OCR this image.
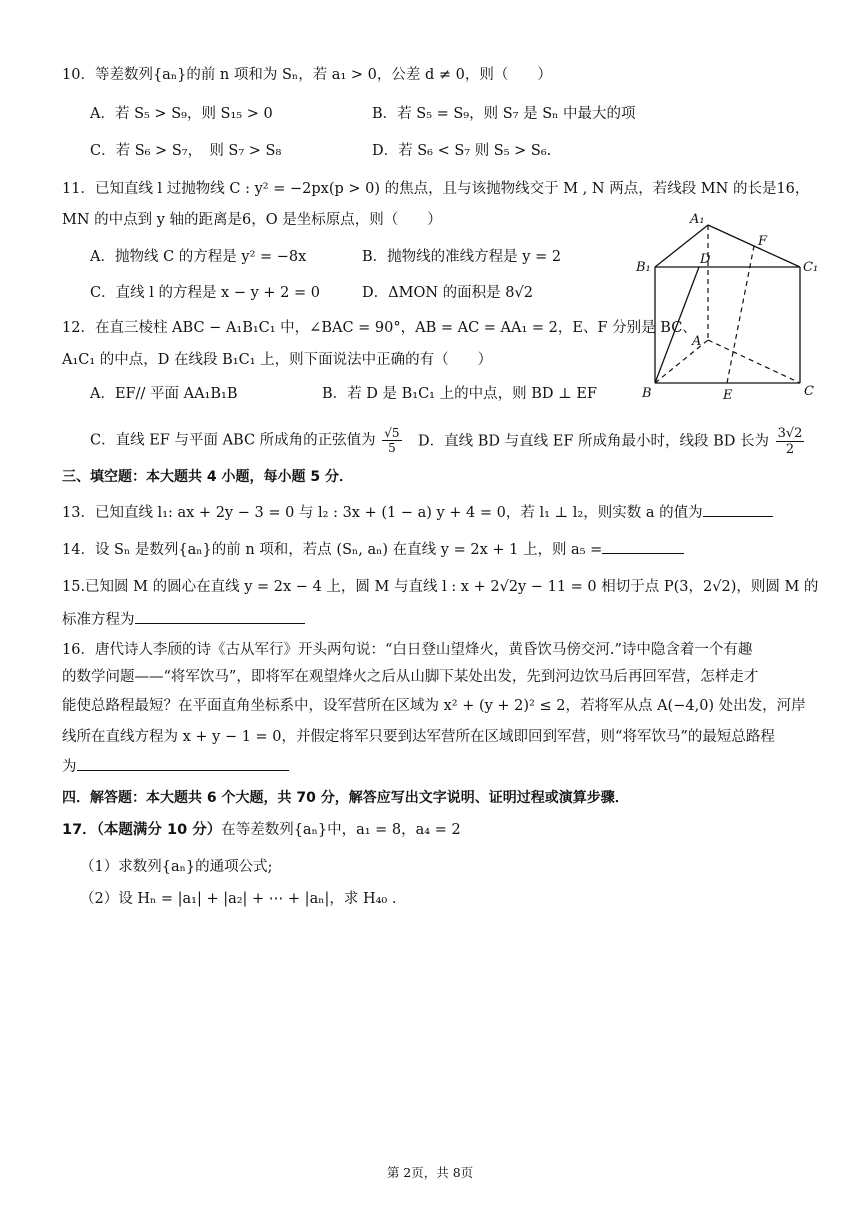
10．等差数列{aₙ}的前 n 项和为 Sₙ，若 a₁ > 0，公差 d ≠ 0，则（　　）
A．若 S₅ > S₉，则 S₁₅ > 0	B．若 S₅ = S₉，则 S₇ 是 Sₙ 中最大的项
C．若 S₆ > S₇，　则 S₇ > S₈	D．若 S₆ < S₇ 则 S₅ > S₆.
11．已知直线 l 过抛物线 C : y² = −2px(p > 0) 的焦点，且与该抛物线交于 M , N 两点，若线段 MN 的长是16，
MN 的中点到 y 轴的距离是6，O 是坐标原点，则（　　）
A．抛物线 C 的方程是 y² = −8x	B．抛物线的准线方程是 y = 2
C．直线 l 的方程是 x − y + 2 = 0	D．ΔMON 的面积是 8√2
12．在直三棱柱 ABC − A₁B₁C₁ 中，∠BAC = 90°，AB = AC = AA₁ = 2，E、F 分别是 BC、
A₁C₁ 的中点，D 在线段 B₁C₁ 上，则下面说法中正确的有（　　）
A．EF// 平面 AA₁B₁B	B．若 D 是 B₁C₁ 上的中点，则 BD ⊥ EF
C．直线 EF 与平面 ABC 所成角的正弦值为 $\frac{√5}{5}$ D．直线 BD 与直线 EF 所成角最小时，线段 BD 长为 $\frac{3√2}{2}$
A₁
F
B₁
D
C₁
A
B	E	C
三、填空题：本大题共 4 小题，每小题 5 分．
13．已知直线 l₁: ax + 2y − 3 = 0 与 l₂ : 3x + (1 − a) y + 4 = 0，若 l₁ ⊥ l₂，则实数 a 的值为
14．设 Sₙ 是数列{aₙ}的前 n 项和，若点 (Sₙ, aₙ) 在直线 y = 2x + 1 上，则 a₅ =
15.已知圆 M 的圆心在直线 y = 2x − 4 上，圆 M 与直线 l : x + 2√2y − 11 = 0 相切于点 P(3，2√2)，则圆 M 的
标准方程为
16．唐代诗人李颀的诗《古从军行》开头两句说：“白日登山望烽火，黄昏饮马傍交河.”诗中隐含着一个有趣
的数学问题——“将军饮马”，即将军在观望烽火之后从山脚下某处出发，先到河边饮马后再回军营，怎样走才
能使总路程最短？在平面直角坐标系中，设军营所在区域为 x² + (y + 2)² ≤ 2，若将军从点 A(−4,0) 处出发，河岸
线所在直线方程为 x + y − 1 = 0，并假定将军只要到达军营所在区域即回到军营，则“将军饮马”的最短总路程
为
四．解答题：本大题共 6 个大题，共 70 分，解答应写出文字说明、证明过程或演算步骤．
17．（本题满分 10 分）在等差数列{aₙ}中，a₁ = 8，a₄ = 2
（1）求数列{aₙ}的通项公式;
（2）设 Hₙ = |a₁| + |a₂| + ⋯ + |aₙ|，求 H₄₀ .
第 2页，共 8页
